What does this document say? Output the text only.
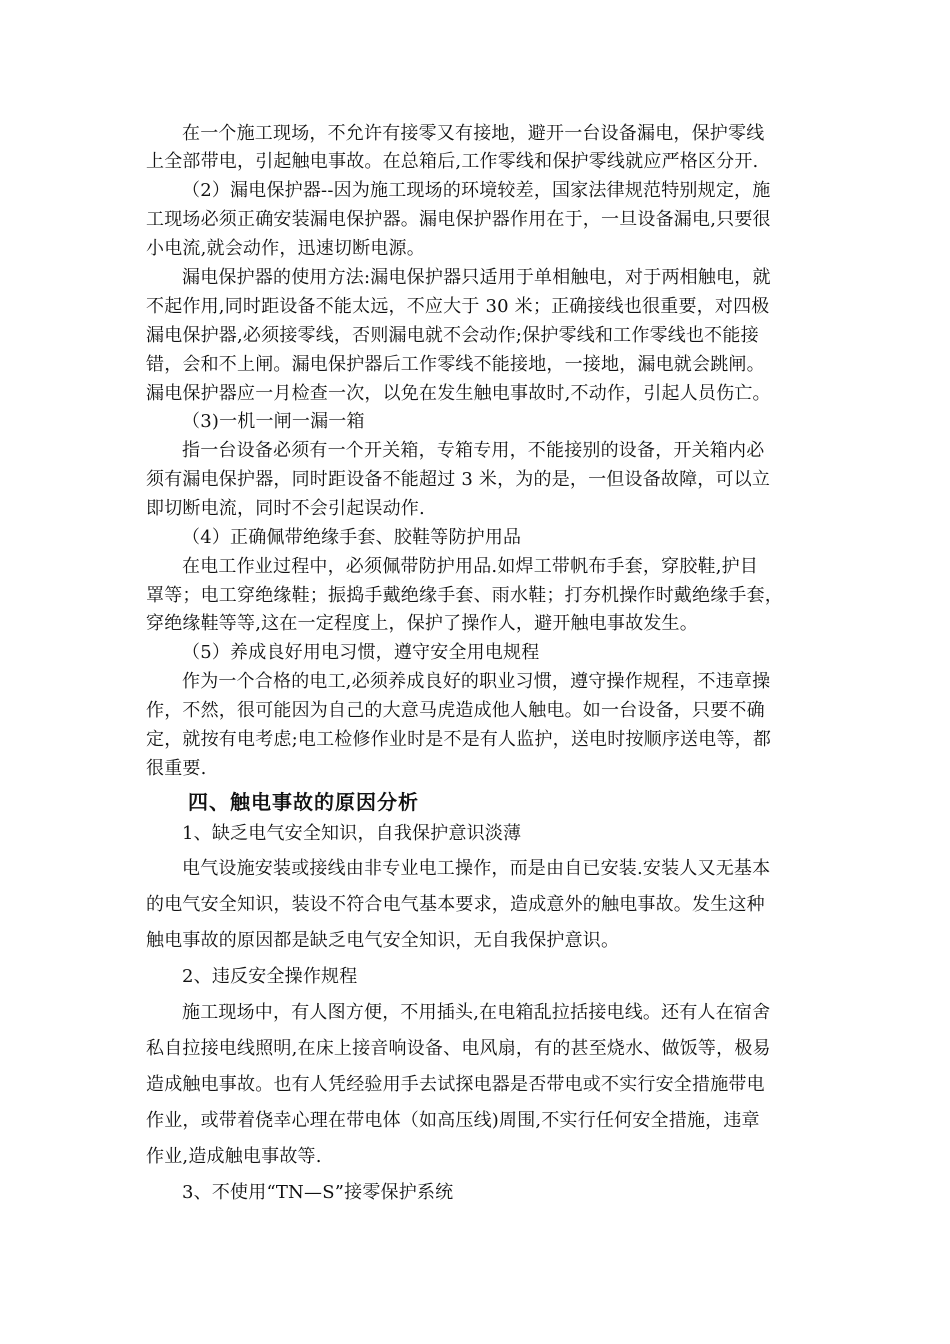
在一个施工现场，不允许有接零又有接地，避开一台设备漏电，保护零线
上全部带电，引起触电事故。在总箱后,工作零线和保护零线就应严格区分开.
（2）漏电保护器--因为施工现场的环境较差，国家法律规范特别规定，施
工现场必须正确安装漏电保护器。漏电保护器作用在于，一旦设备漏电,只要很
小电流,就会动作，迅速切断电源。
漏电保护器的使用方法:漏电保护器只适用于单相触电，对于两相触电，就
不起作用,同时距设备不能太远，不应大于 30 米；正确接线也很重要，对四极
漏电保护器,必须接零线，否则漏电就不会动作;保护零线和工作零线也不能接
错，会和不上闸。漏电保护器后工作零线不能接地，一接地，漏电就会跳闸。
漏电保护器应一月检查一次，以免在发生触电事故时,不动作，引起人员伤亡。
（3)一机一闸一漏一箱
指一台设备必须有一个开关箱，专箱专用，不能接别的设备，开关箱内必
须有漏电保护器，同时距设备不能超过 3 米，为的是，一但设备故障，可以立
即切断电流，同时不会引起误动作.
（4）正确佩带绝缘手套、胶鞋等防护用品
在电工作业过程中，必须佩带防护用品.如焊工带帆布手套，穿胶鞋,护目
罩等；电工穿绝缘鞋；振捣手戴绝缘手套、雨水鞋；打夯机操作时戴绝缘手套，
穿绝缘鞋等等,这在一定程度上，保护了操作人，避开触电事故发生。
（5）养成良好用电习惯，遵守安全用电规程
作为一个合格的电工,必须养成良好的职业习惯，遵守操作规程，不违章操
作，不然，很可能因为自己的大意马虎造成他人触电。如一台设备，只要不确
定，就按有电考虑;电工检修作业时是不是有人监护，送电时按顺序送电等，都
很重要.
四、触电事故的原因分析
1、缺乏电气安全知识，自我保护意识淡薄
电气设施安装或接线由非专业电工操作，而是由自已安装.安装人又无基本
的电气安全知识，装设不符合电气基本要求，造成意外的触电事故。发生这种
触电事故的原因都是缺乏电气安全知识，无自我保护意识。
2、违反安全操作规程
施工现场中，有人图方便，不用插头,在电箱乱拉括接电线。还有人在宿舍
私自拉接电线照明,在床上接音响设备、电风扇，有的甚至烧水、做饭等，极易
造成触电事故。也有人凭经验用手去试探电器是否带电或不实行安全措施带电
作业，或带着侥幸心理在带电体（如高压线)周围,不实行任何安全措施，违章
作业,造成触电事故等.
3、不使用“TN—S”接零保护系统
